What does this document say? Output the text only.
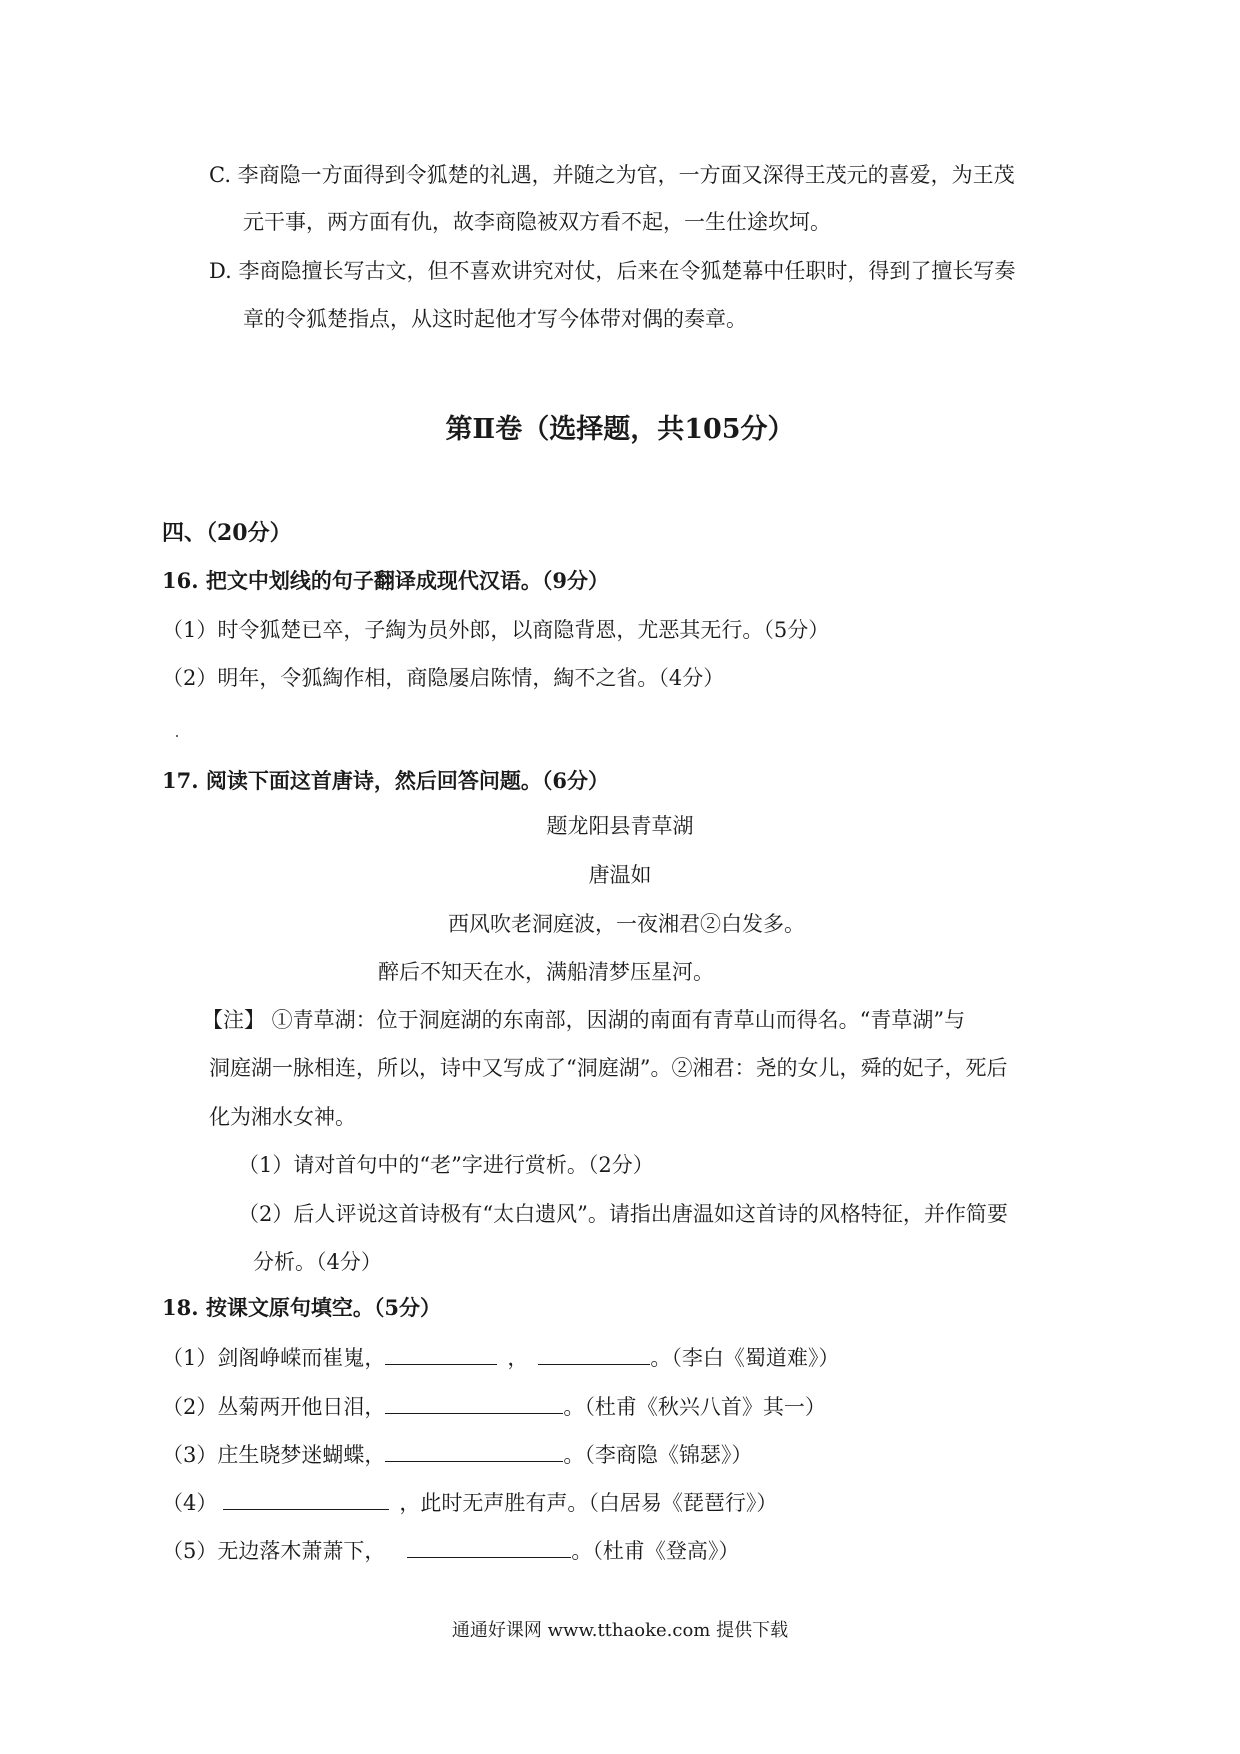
C. 李商隐一方面得到令狐楚的礼遇，并随之为官，一方面又深得王茂元的喜爱，为王茂
元干事，两方面有仇，故李商隐被双方看不起，一生仕途坎坷。
D. 李商隐擅长写古文，但不喜欢讲究对仗，后来在令狐楚幕中任职时，得到了擅长写奏
章的令狐楚指点，从这时起他才写今体带对偶的奏章。
第Ⅱ卷（选择题，共105分）
四、（20分）
16. 把文中划线的句子翻译成现代汉语。（9分）
（1）时令狐楚已卒，子綯为员外郎，以商隐背恩，尤恶其无行。（5分）
（2）明年，令狐綯作相，商隐屡启陈情，綯不之省。（4分）
17. 阅读下面这首唐诗，然后回答问题。（6分）
题龙阳县青草湖
唐温如
西风吹老洞庭波，一夜湘君②白发多。
醉后不知天在水，满船清梦压星河。
【注】 ①青草湖：位于洞庭湖的东南部，因湖的南面有青草山而得名。“青草湖”与
洞庭湖一脉相连，所以，诗中又写成了“洞庭湖”。②湘君：尧的女儿，舜的妃子，死后
化为湘水女神。
（1）请对首句中的“老”字进行赏析。（2分）
（2）后人评说这首诗极有“太白遗风”。请指出唐温如这首诗的风格特征，并作简要
分析。（4分）
18. 按课文原句填空。（5分）
（1）剑阁峥嵘而崔嵬，	，	。（李白《蜀道难》）
（2）丛菊两开他日泪，	。（杜甫《秋兴八首》其一）
（3）庄生晓梦迷蝴蝶，	。（李商隐《锦瑟》）
（4）	，此时无声胜有声。（白居易《琵琶行》）
（5）无边落木萧萧下，	。（杜甫《登高》）
通通好课网 www.tthaoke.com 提供下载
